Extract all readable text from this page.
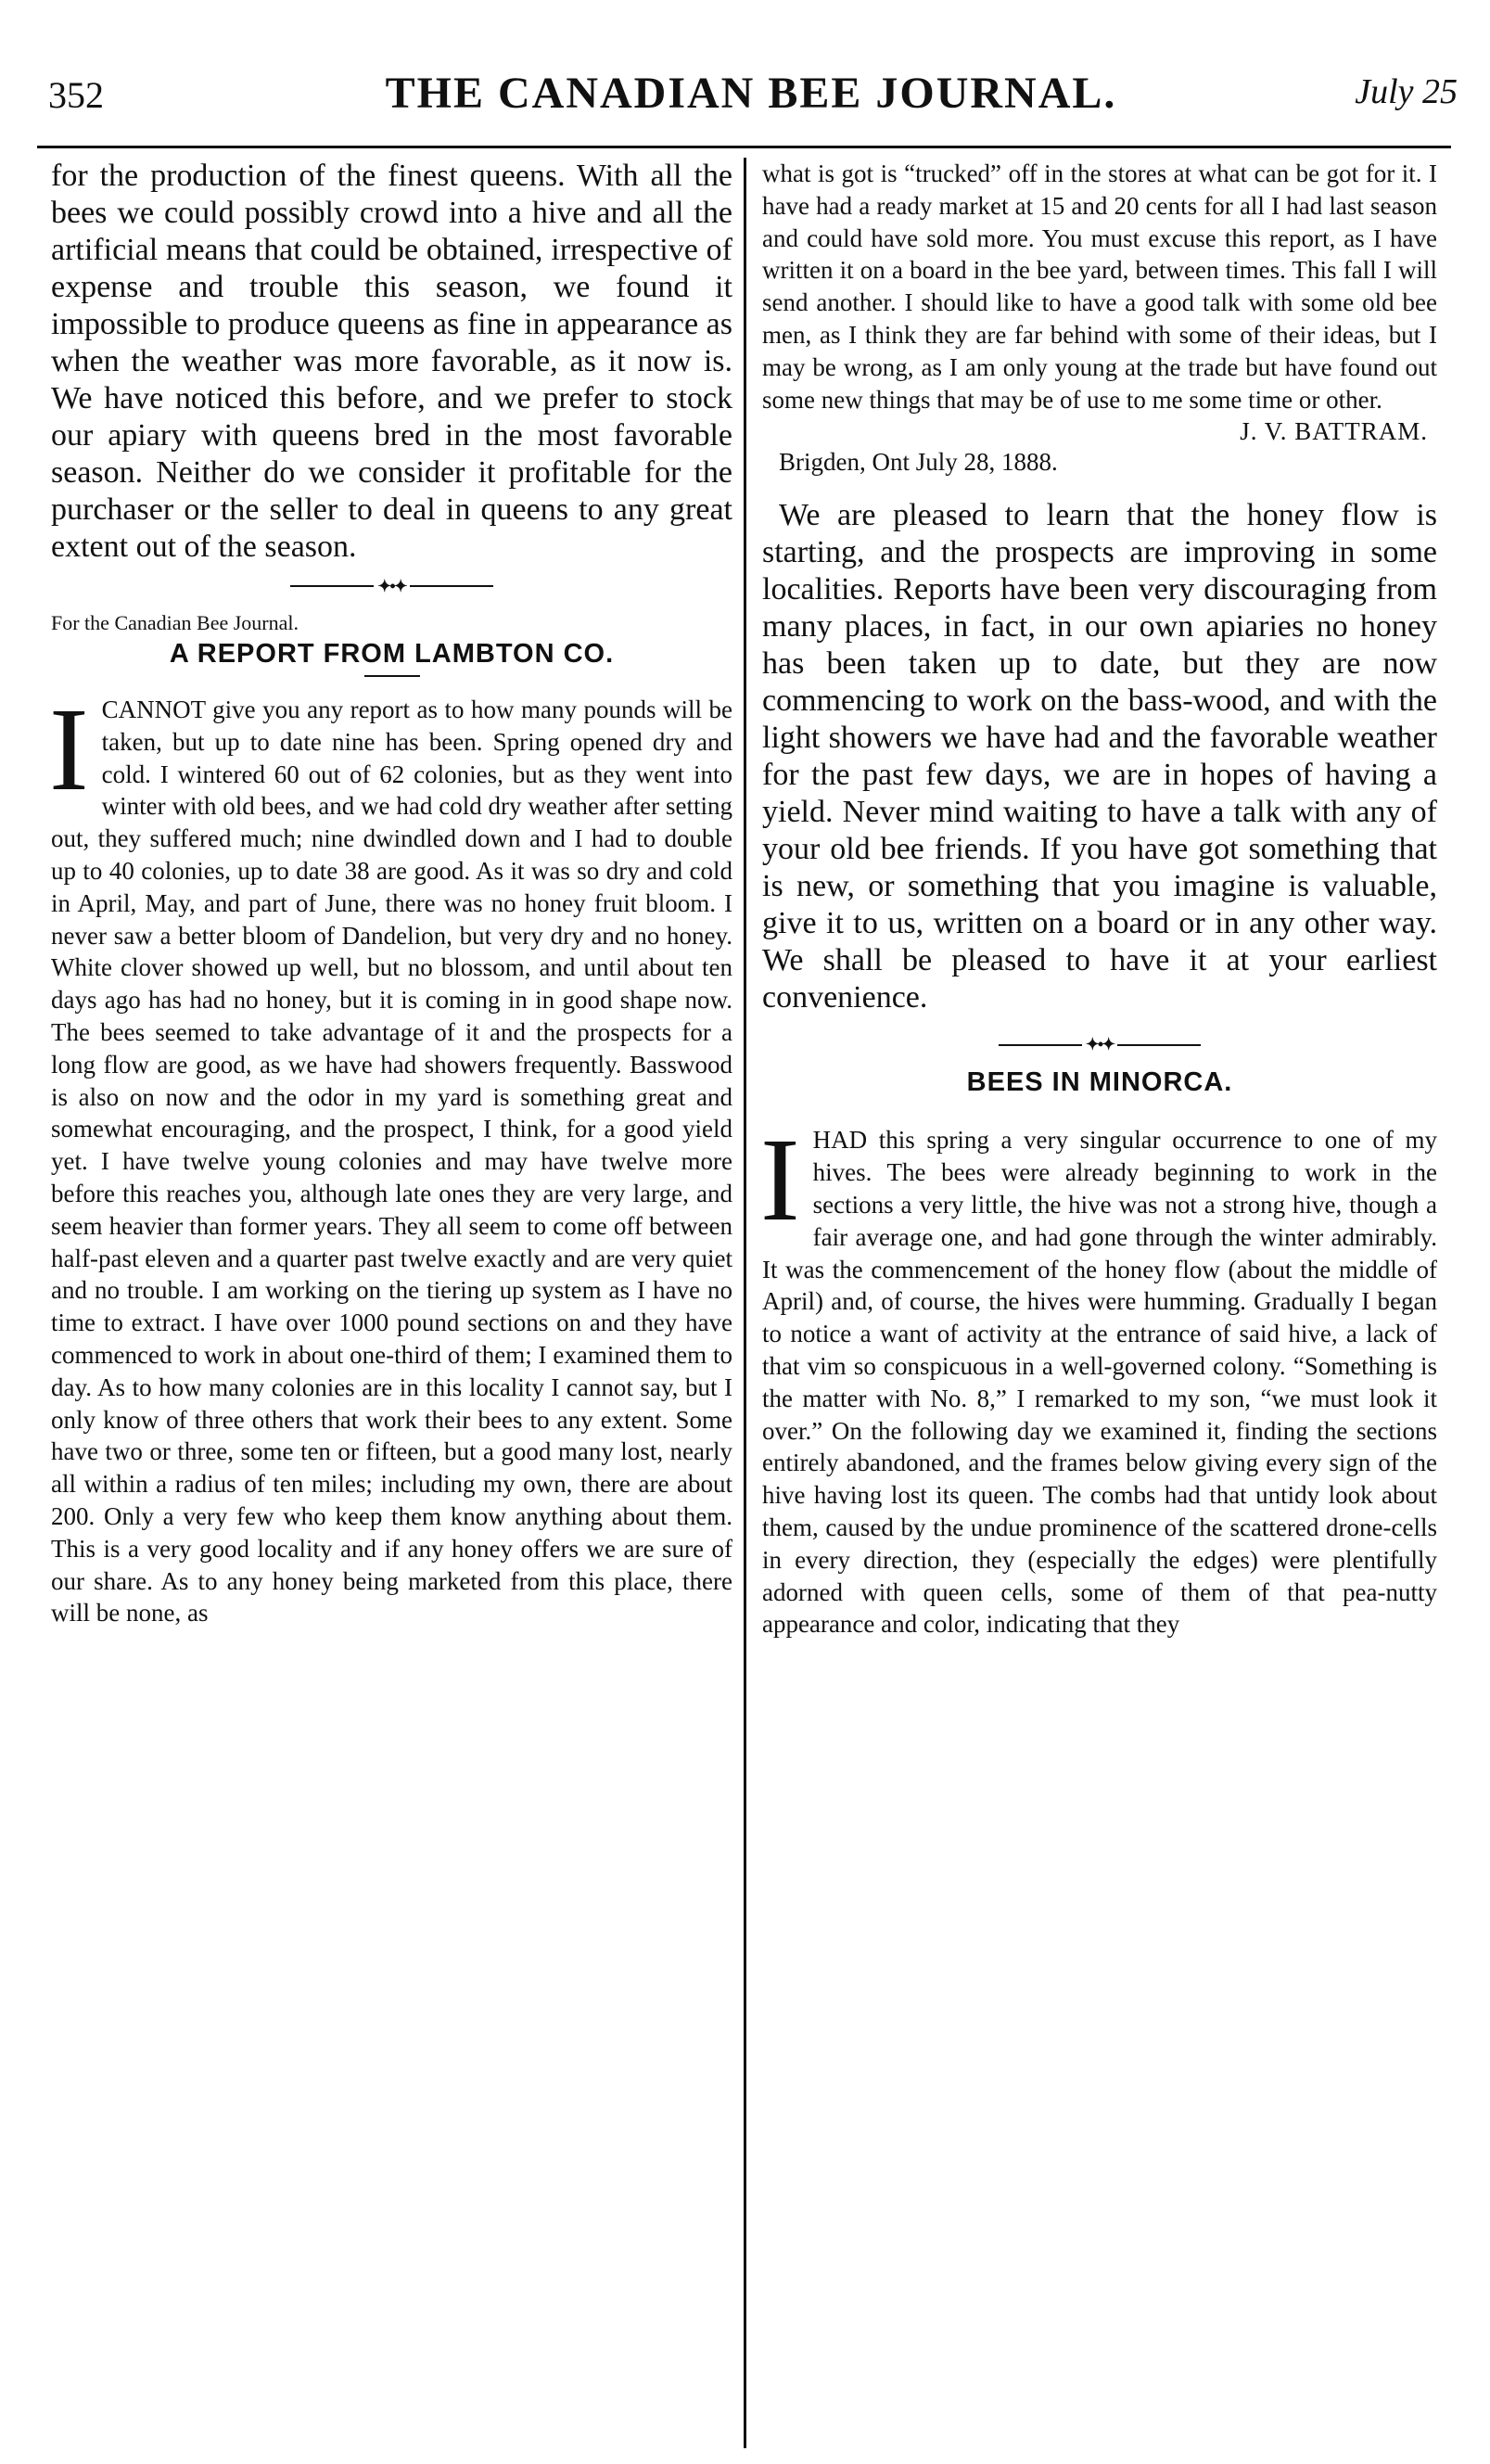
352	THE CANADIAN BEE JOURNAL.	July 25

for the production of the finest queens. With all the bees we could possibly crowd into a hive and all the artificial means that could be obtained, irrespective of expense and trouble this season, we found it impossible to produce queens as fine in appearance as when the weather was more favorable, as it now is. We have noticed this before, and we prefer to stock our apiary with queens bred in the most favorable season. Neither do we consider it profitable for the purchaser or the seller to deal in queens to any great extent out of the season.

✦•✦
For the Canadian Bee Journal.
A REPORT FROM LAMBTON CO.
I CANNOT give you any report as to how many pounds will be taken, but up to date nine has been. Spring opened dry and cold. I wintered 60 out of 62 colonies, but as they went into winter with old bees, and we had cold dry weather after setting out, they suffered much; nine dwindled down and I had to double up to 40 colonies, up to date 38 are good. As it was so dry and cold in April, May, and part of June, there was no honey fruit bloom. I never saw a better bloom of Dandelion, but very dry and no honey. White clover showed up well, but no blossom, and until about ten days ago has had no honey, but it is coming in in good shape now. The bees seemed to take advantage of it and the prospects for a long flow are good, as we have had showers frequently. Basswood is also on now and the odor in my yard is something great and somewhat encouraging, and the prospect, I think, for a good yield yet. I have twelve young colonies and may have twelve more before this reaches you, although late ones they are very large, and seem heavier than former years. They all seem to come off between half-past eleven and a quarter past twelve exactly and are very quiet and no trouble. I am working on the tiering up system as I have no time to extract. I have over 1000 pound sections on and they have commenced to work in about one-third of them; I examined them to day. As to how many colonies are in this locality I cannot say, but I only know of three others that work their bees to any extent. Some have two or three, some ten or fifteen, but a good many lost, nearly all within a radius of ten miles; including my own, there are about 200. Only a very few who keep them know anything about them. This is a very good locality and if any honey offers we are sure of our share. As to any honey being marketed from this place, there will be none, as

what is got is “trucked” off in the stores at what can be got for it. I have had a ready market at 15 and 20 cents for all I had last season and could have sold more. You must excuse this report, as I have written it on a board in the bee yard, between times. This fall I will send another. I should like to have a good talk with some old bee men, as I think they are far behind with some of their ideas, but I may be wrong, as I am only young at the trade but have found out some new things that may be of use to me some time or other.

J. V. BATTRAM.
Brigden, Ont July 28, 1888.

We are pleased to learn that the honey flow is starting, and the prospects are improving in some localities. Reports have been very discouraging from many places, in fact, in our own apiaries no honey has been taken up to date, but they are now commencing to work on the bass-wood, and with the light showers we have had and the favorable weather for the past few days, we are in hopes of having a yield. Never mind waiting to have a talk with any of your old bee friends. If you have got something that is new, or something that you imagine is valuable, give it to us, written on a board or in any other way. We shall be pleased to have it at your earliest convenience.

✦•✦
BEES IN MINORCA.
I HAD this spring a very singular occurrence to one of my hives. The bees were already beginning to work in the sections a very little, the hive was not a strong hive, though a fair average one, and had gone through the winter admirably. It was the commencement of the honey flow (about the middle of April) and, of course, the hives were humming. Gradually I began to notice a want of activity at the entrance of said hive, a lack of that vim so conspicuous in a well-governed colony. “Something is the matter with No. 8,” I remarked to my son, “we must look it over.” On the following day we examined it, finding the sections entirely abandoned, and the frames below giving every sign of the hive having lost its queen. The combs had that untidy look about them, caused by the undue prominence of the scattered drone-cells in every direction, they (especially the edges) were plentifully adorned with queen cells, some of them of that pea-nutty appearance and color, indicating that they
